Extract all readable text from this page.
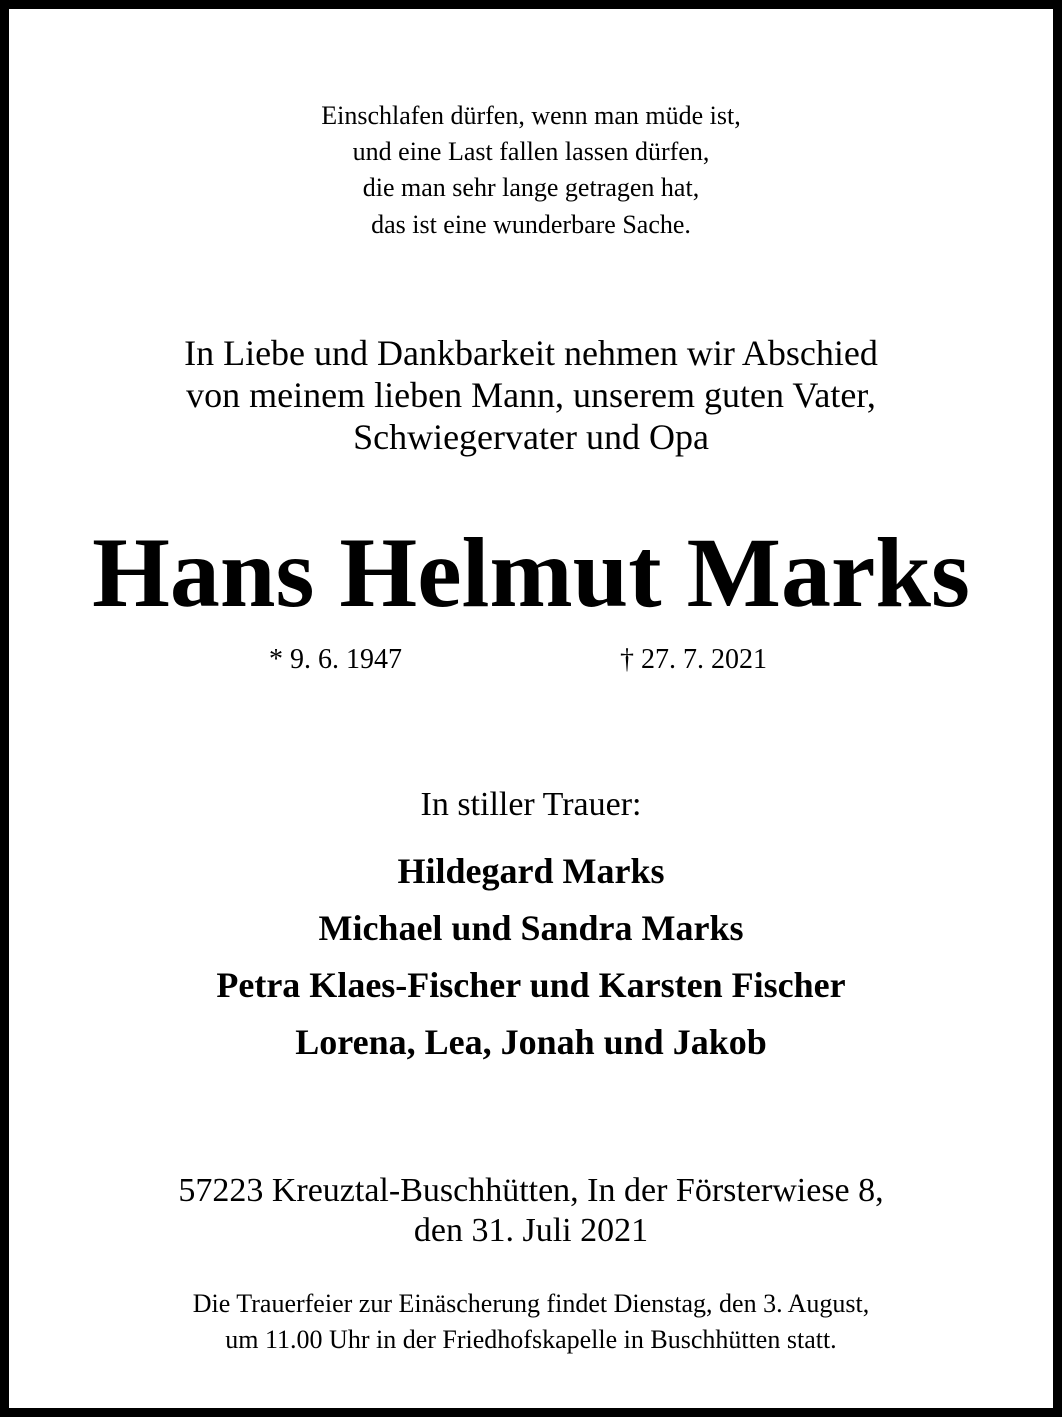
Einschlafen dürfen, wenn man müde ist,
und eine Last fallen lassen dürfen,
die man sehr lange getragen hat,
das ist eine wunderbare Sache.
In Liebe und Dankbarkeit nehmen wir Abschied
von meinem lieben Mann, unserem guten Vater,
Schwiegervater und Opa
Hans Helmut Marks
* 9. 6. 1947	† 27. 7. 2021
In stiller Trauer:
Hildegard Marks
Michael und Sandra Marks
Petra Klaes-Fischer und Karsten Fischer
Lorena, Lea, Jonah und Jakob
57223 Kreuztal-Buschhütten, In der Försterwiese 8,
den 31. Juli 2021
Die Trauerfeier zur Einäscherung findet Dienstag, den 3. August,
um 11.00 Uhr in der Friedhofskapelle in Buschhütten statt.
